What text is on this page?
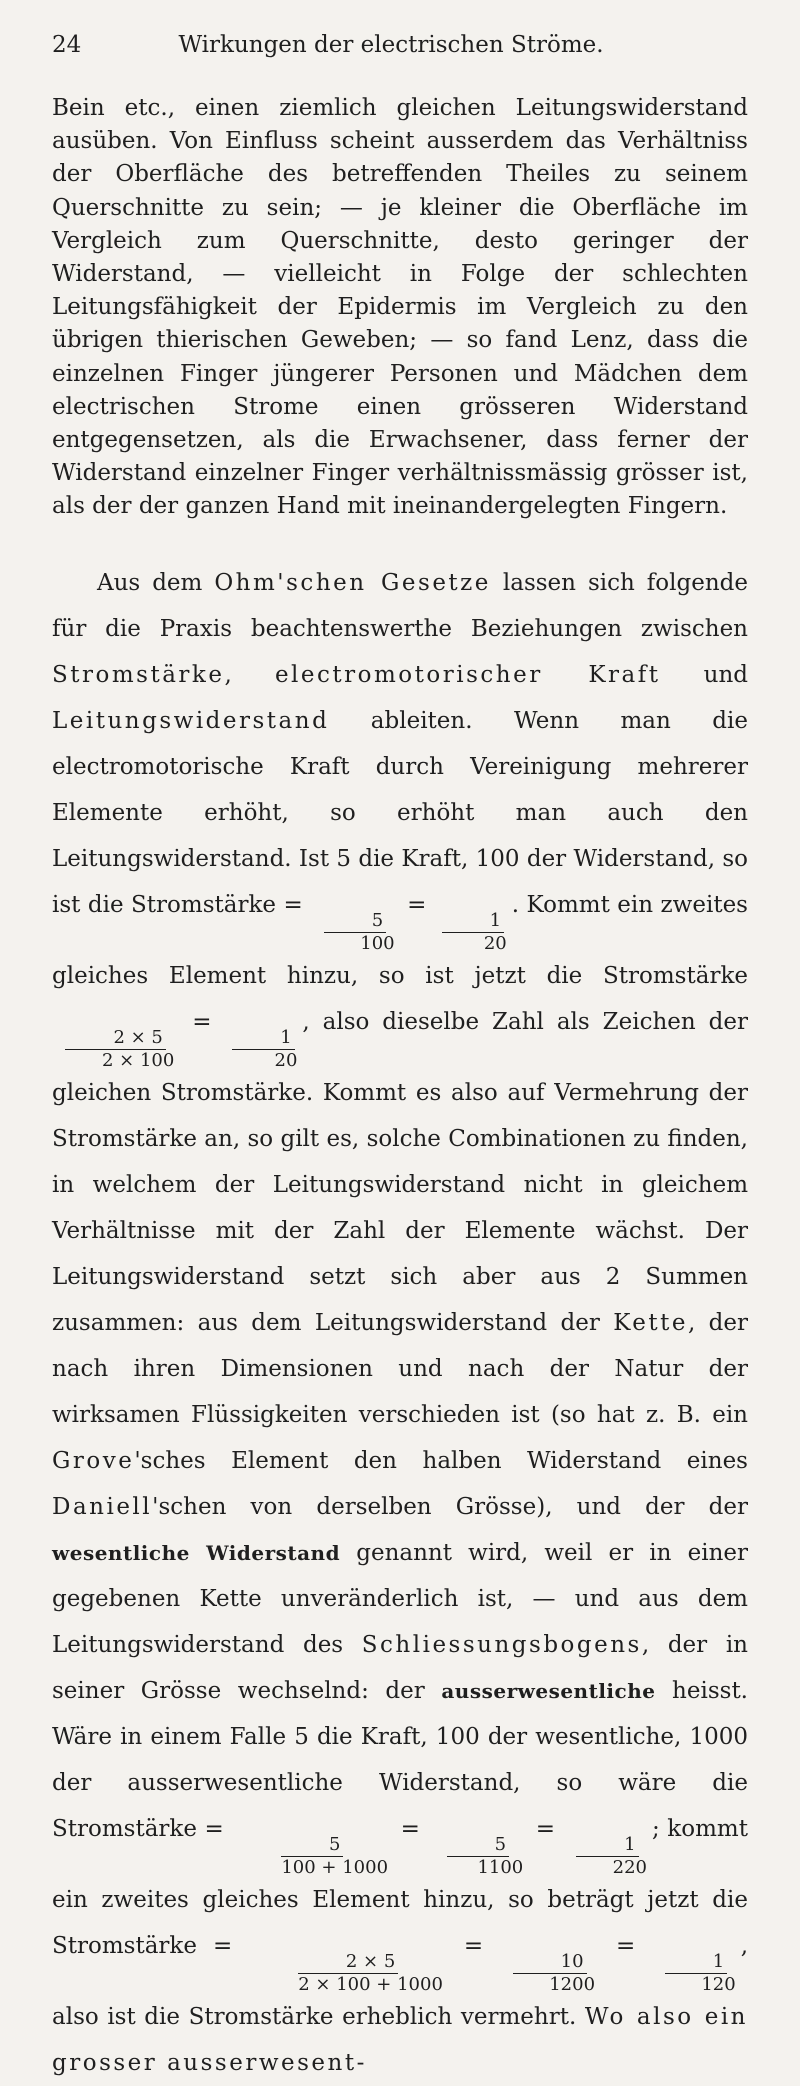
24	Wirkungen der electrischen Ströme.

Bein etc., einen ziemlich gleichen Leitungswiderstand ausüben. Von Einfluss scheint ausserdem das Verhältniss der Oberfläche des betreffenden Theiles zu seinem Querschnitte zu sein; — je kleiner die Oberfläche im Vergleich zum Querschnitte, desto geringer der Widerstand, — vielleicht in Folge der schlechten Leitungsfähigkeit der Epidermis im Vergleich zu den übrigen thierischen Geweben; — so fand Lenz, dass die einzelnen Finger jüngerer Personen und Mädchen dem electrischen Strome einen grösseren Widerstand entgegensetzen, als die Erwachsener, dass ferner der Widerstand einzelner Finger verhältnissmässig grösser ist, als der der ganzen Hand mit ineinandergelegten Fingern.

Aus dem Ohm'schen Gesetze lassen sich folgende für die Praxis beachtenswerthe Beziehungen zwischen Stromstärke, electromotorischer Kraft und Leitungswiderstand ableiten. Wenn man die electromotorische Kraft durch Vereinigung mehrerer Elemente erhöht, so erhöht man auch den Leitungswiderstand. Ist 5 die Kraft, 100 der Widerstand, so ist die Stromstärke =
$\frac{5}{100}$
=
$\frac{1}{20}$
. Kommt ein zweites gleiches Element hinzu, so ist jetzt die Stromstärke
$\frac{2 \times 5}{2 \times 100}$
=
$\frac{1}{20}$
, also dieselbe Zahl als Zeichen der gleichen Stromstärke. Kommt es also auf Vermehrung der Stromstärke an, so gilt es, solche Combinationen zu finden, in welchem der Leitungswiderstand nicht in gleichem Verhältnisse mit der Zahl der Elemente wächst. Der Leitungswiderstand setzt sich aber aus 2 Summen zusammen: aus dem Leitungswiderstand der Kette, der nach ihren Dimensionen und nach der Natur der wirksamen Flüssigkeiten verschieden ist (so hat z. B. ein Grove'sches Element den halben Widerstand eines Daniell'schen von derselben Grösse), und der der wesentliche Widerstand genannt wird, weil er in einer gegebenen Kette unveränderlich ist, — und aus dem Leitungswiderstand des Schliessungsbogens, der in seiner Grösse wechselnd: der ausserwesentliche heisst. Wäre in einem Falle 5 die Kraft, 100 der wesentliche, 1000 der ausserwesentliche Widerstand, so wäre die Stromstärke =
$\frac{5}{100 + 1000}$
=
$\frac{5}{1100}$
=
$\frac{1}{220}$
; kommt ein zweites gleiches Element hinzu, so beträgt jetzt die Stromstärke =
$\frac{2 \times 5}{2 \times 100 + 1000}$
=
$\frac{10}{1200}$
=
$\frac{1}{120}$
, also ist die Stromstärke erheblich vermehrt. Wo also ein grosser ausserwesent-
